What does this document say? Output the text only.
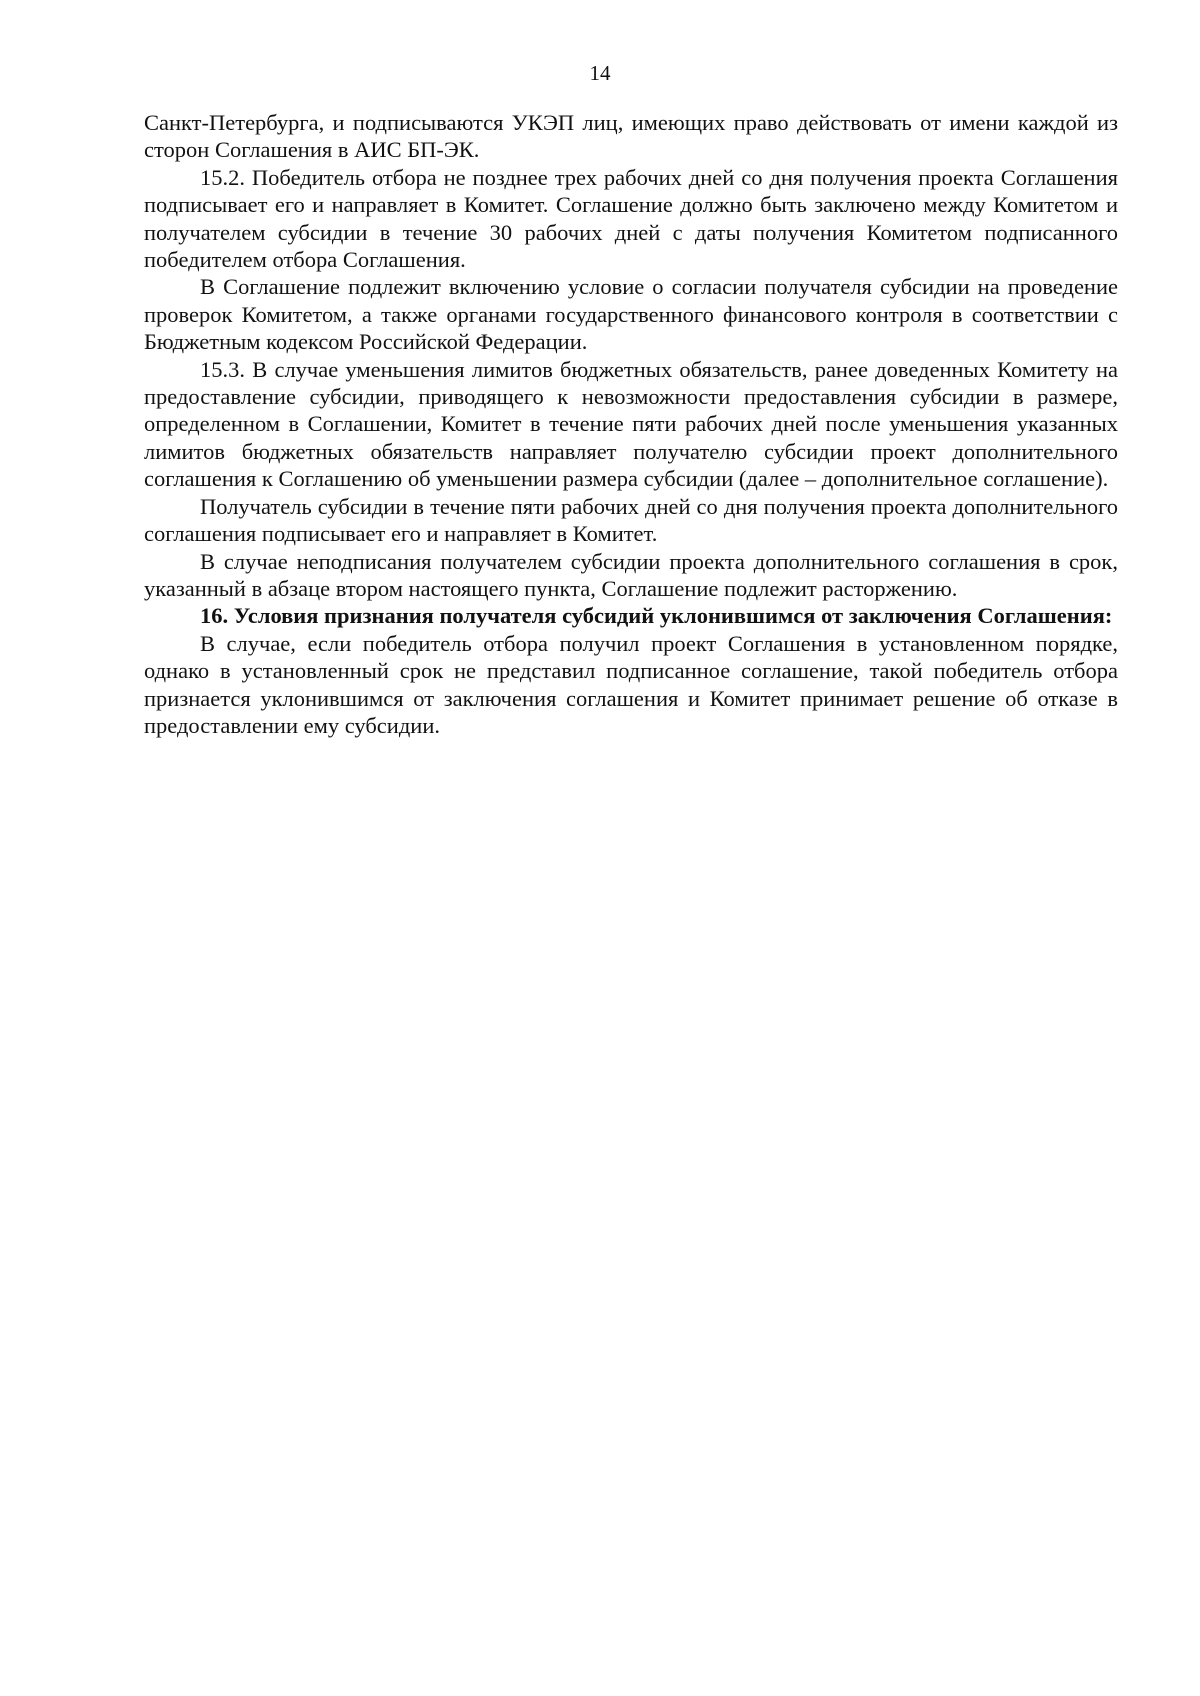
14

Санкт-Петербурга, и подписываются УКЭП лиц, имеющих право действовать от имени каждой из сторон Соглашения в АИС БП-ЭК.

15.2. Победитель отбора не позднее трех рабочих дней со дня получения проекта Соглашения подписывает его и направляет в Комитет. Соглашение должно быть заключено между Комитетом и получателем субсидии в течение 30 рабочих дней с даты получения Комитетом подписанного победителем отбора Соглашения.

В Соглашение подлежит включению условие о согласии получателя субсидии на проведение проверок Комитетом, а также органами государственного финансового контроля в соответствии с Бюджетным кодексом Российской Федерации.

15.3. В случае уменьшения лимитов бюджетных обязательств, ранее доведенных Комитету на предоставление субсидии, приводящего к невозможности предоставления субсидии в размере, определенном в Соглашении, Комитет в течение пяти рабочих дней после уменьшения указанных лимитов бюджетных обязательств направляет получателю субсидии проект дополнительного соглашения к Соглашению об уменьшении размера субсидии (далее – дополнительное соглашение).

Получатель субсидии в течение пяти рабочих дней со дня получения проекта дополнительного соглашения подписывает его и направляет в Комитет.

В случае неподписания получателем субсидии проекта дополнительного соглашения в срок, указанный в абзаце втором настоящего пункта, Соглашение подлежит расторжению.

16. Условия признания получателя субсидий уклонившимся от заключения Соглашения:

В случае, если победитель отбора получил проект Соглашения в установленном порядке, однако в установленный срок не представил подписанное соглашение, такой победитель отбора признается уклонившимся от заключения соглашения и Комитет принимает решение об отказе в предоставлении ему субсидии.
